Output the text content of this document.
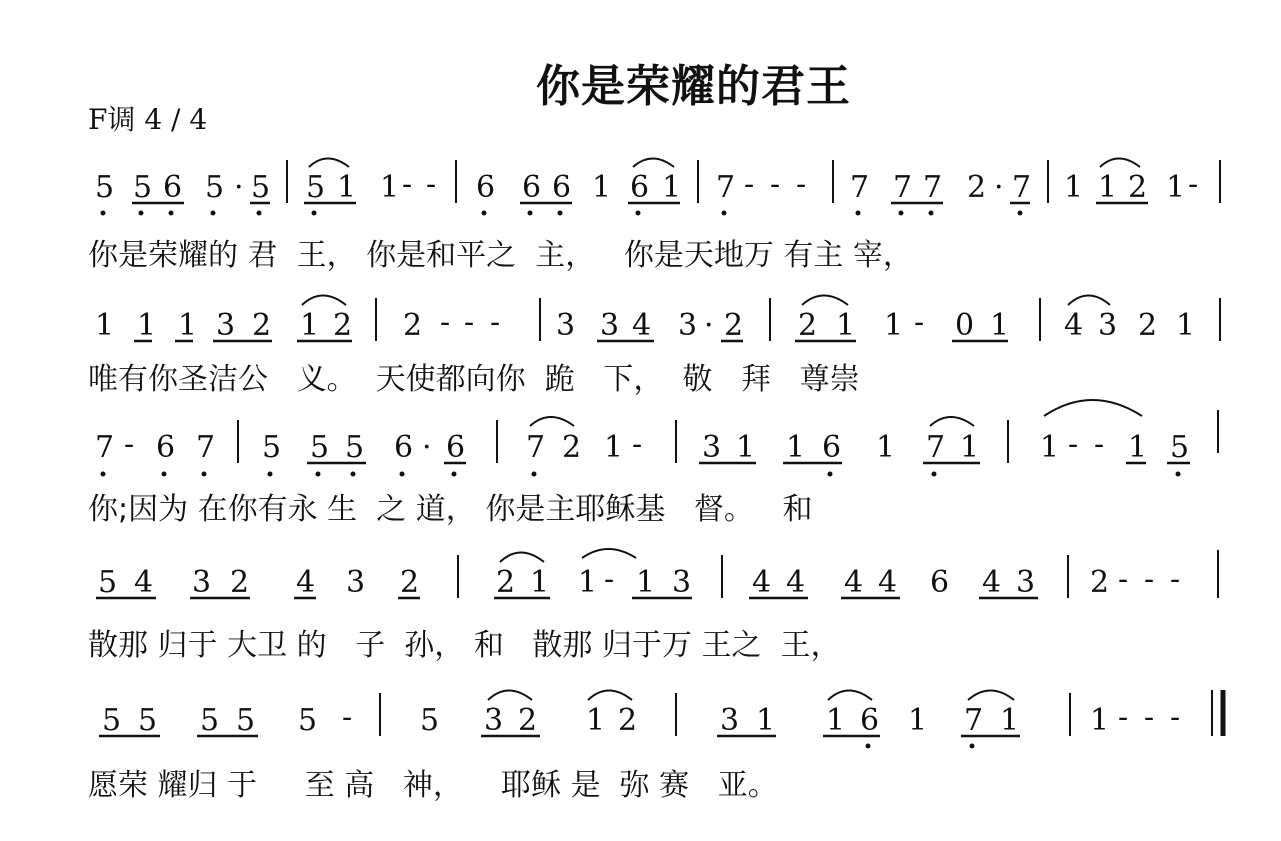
你是荣耀的君王
F调 4 / 4
5 5 6 5 · 5 5 1 1 - - 6 6 6 1 6 1 7 - - - 7 7 7 2 · 7 1 1 2 1 -
1 1 1 3 2 1 2 2 - - - 3 3 4 3 · 2 2 1 1 - 0 1 4 3 2 1
7 - 6 7 5 5 5 6 · 6 7 2 1 - 3 1 1 6 1 7 1 1 - - 1 5
5 4 3 2 4 3 2	2 1 1 - 1 3 4 4 4 4 6 4 3 2 - - -
5 5 5 5 5 - 5 3 2 1 2	3 1 1 6 1 7 1 1 - - -
你是荣耀的 君  王， 你是和平之  主，   你是天地万 有主 宰，
唯有你圣洁公   义。  天使都向你  跪   下，  敬   拜   尊崇
你;因为 在你有永 生  之 道， 你是主耶稣基   督。   和
散那 归于 大卫 的   子  孙， 和   散那 归于万 王之  王，
愿荣 耀归 于     至 高   神，    耶稣 是  弥 赛   亚。
